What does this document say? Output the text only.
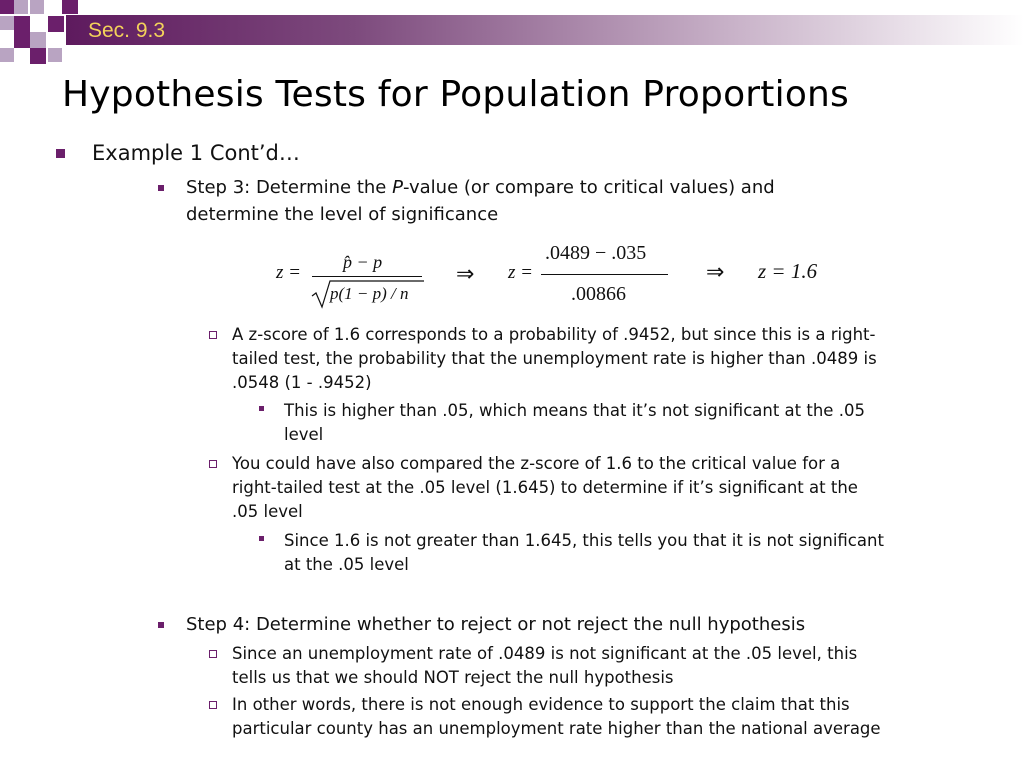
Sec. 9.3
Hypothesis Tests for Population Proportions
Example 1 Cont’d…
Step 3: Determine the P-value (or compare to critical values) and
determine the level of significance
z = p̂ − p
p(1 − p) / n
⇒ z =
.0489 − .035
.00866
⇒ z = 1.6
A z-score of 1.6 corresponds to a probability of .9452, but since this is a right-
tailed test, the probability that the unemployment rate is higher than .0489 is
.0548 (1 - .9452)
This is higher than .05, which means that it’s not significant at the .05
level
You could have also compared the z-score of 1.6 to the critical value for a
right-tailed test at the .05 level (1.645) to determine if it’s significant at the
.05 level
Since 1.6 is not greater than 1.645, this tells you that it is not significant
at the .05 level
Step 4: Determine whether to reject or not reject the null hypothesis
Since an unemployment rate of .0489 is not significant at the .05 level, this
tells us that we should NOT reject the null hypothesis
In other words, there is not enough evidence to support the claim that this
particular county has an unemployment rate higher than the national average
